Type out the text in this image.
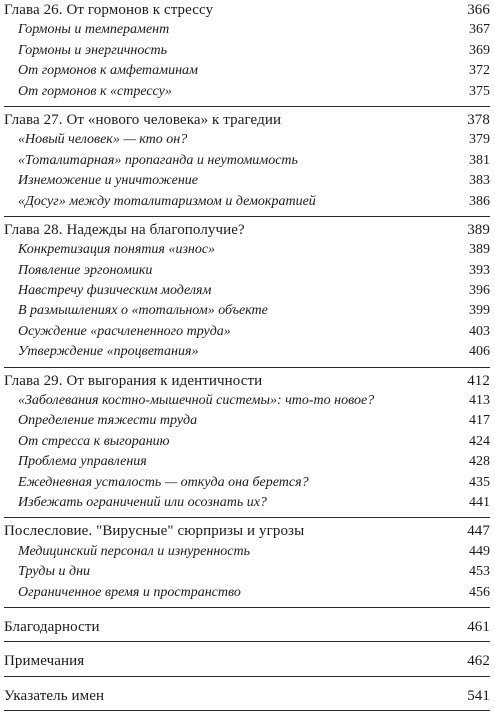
Глава 26. От гормонов к стрессу . . .	366
Гормоны и темперамент . . .	367
Гормоны и энергичность . . .	369
От гормонов к амфетаминам . . .	372
От гормонов к «стрессу» . . .	375
Глава 27. От «нового человека» к трагедии . . .	378
«Новый человек» — кто он? . . .	379
«Тоталитарная» пропаганда и неутомимость . . .	381
Изнеможение и уничтожение . . .	383
«Досуг» между тоталитаризмом и демократией . . .	386
Глава 28. Надежды на благополучие? . . .	389
Конкретизация понятия «износ» . . .	389
Появление эргономики . . .	393
Навстречу физическим моделям . . .	396
В размышлениях о «тотальном» объекте . . .	399
Осуждение «расчлененного труда» . . .	403
Утверждение «процветания» . . .	406
Глава 29. От выгорания к идентичности . . .	412
«Заболевания костно-мышечной системы»: что-то новое? . . .	413
Определение тяжести труда . . .	417
От стресса к выгоранию . . .	424
Проблема управления . . .	428
Ежедневная усталость — откуда она берется? . . .	435
Избежать ограничений или осознать их? . . .	441
Послесловие. "Вирусные" сюрпризы и угрозы . . .	447
Медицинский персонал и изнуренность . . .	449
Труды и дни . . .	453
Ограниченное время и пространство . . .	456
Благодарности . . .	461
Примечания . . .	462
Указатель имен . . .	541
